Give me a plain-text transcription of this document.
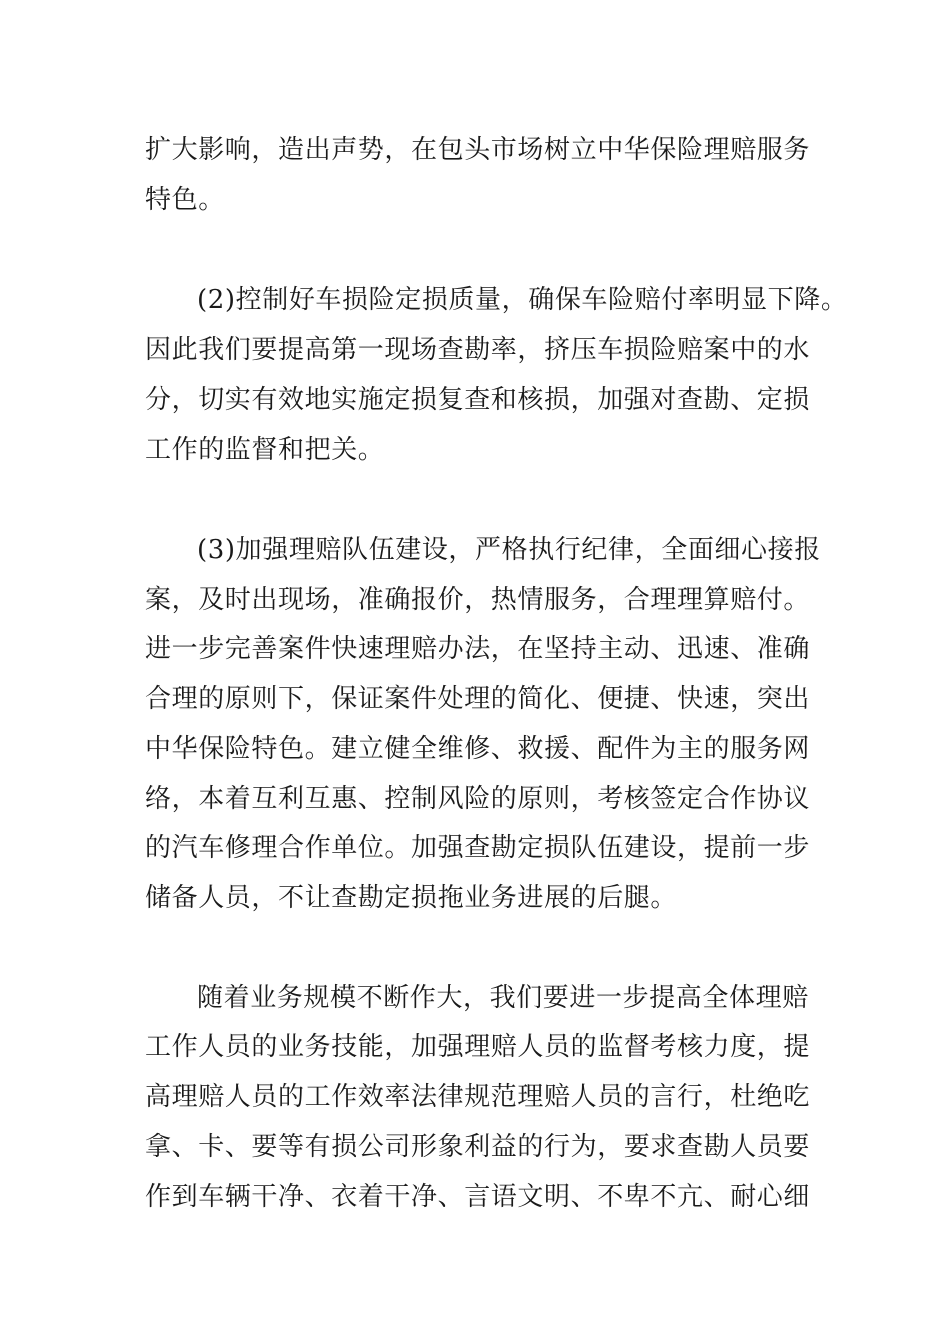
扩大影响，造出声势，在包头市场树立中华保险理赔服务

特色。

(2)控制好车损险定损质量，确保车险赔付率明显下降。

因此我们要提高第一现场查勘率，挤压车损险赔案中的水

分，切实有效地实施定损复查和核损，加强对查勘、定损

工作的监督和把关。

(3)加强理赔队伍建设，严格执行纪律，全面细心接报

案，及时出现场，准确报价，热情服务，合理理算赔付。

进一步完善案件快速理赔办法，在坚持主动、迅速、准确

合理的原则下，保证案件处理的简化、便捷、快速，突出

中华保险特色。建立健全维修、救援、配件为主的服务网

络，本着互利互惠、控制风险的原则，考核签定合作协议

的汽车修理合作单位。加强查勘定损队伍建设，提前一步

储备人员，不让查勘定损拖业务进展的后腿。

随着业务规模不断作大，我们要进一步提高全体理赔

工作人员的业务技能，加强理赔人员的监督考核力度，提

高理赔人员的工作效率法律规范理赔人员的言行，杜绝吃

拿、卡、要等有损公司形象利益的行为，要求查勘人员要

作到车辆干净、衣着干净、言语文明、不卑不亢、耐心细
